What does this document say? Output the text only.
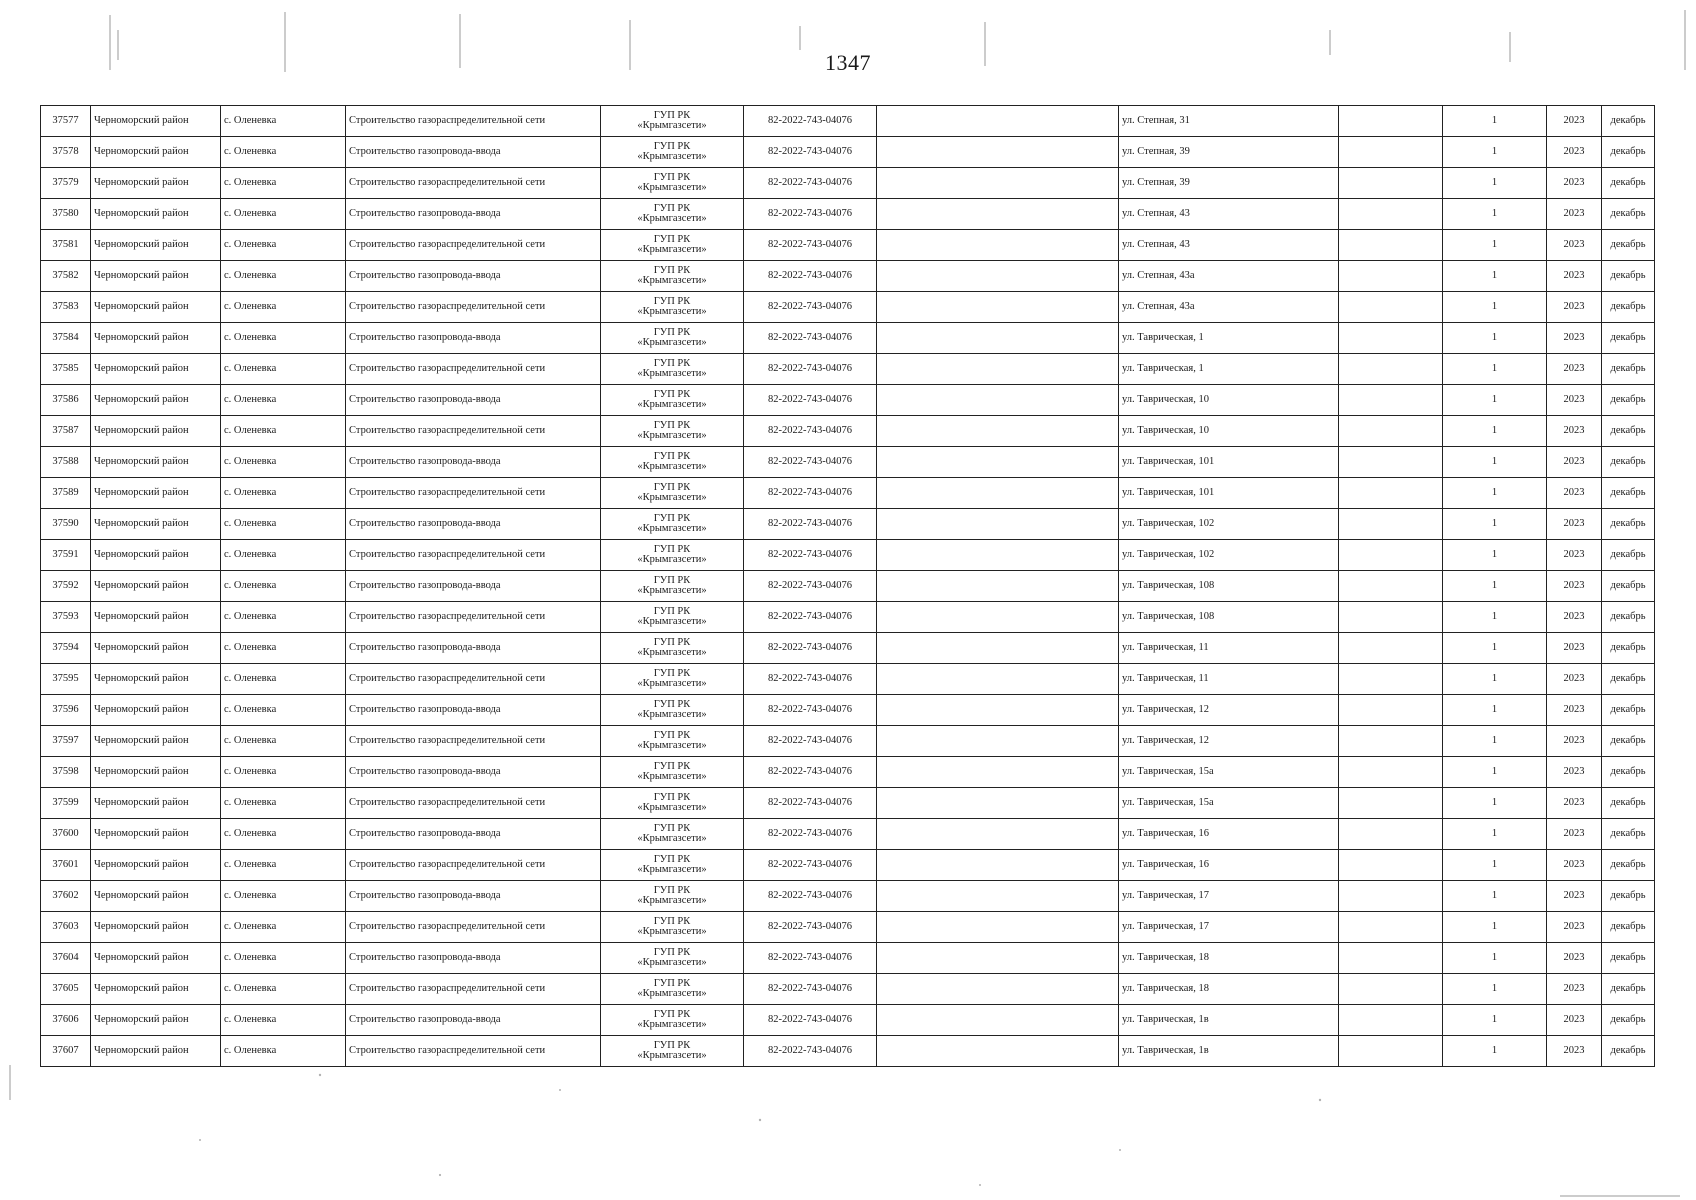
1347
37577	Черноморский район	с. Оленевка	Строительство газораспределительной сети	ГУП РК
«Крымгазсети»	82-2022-743-04076		ул. Степная, 31		1	2023	декабрь
37578	Черноморский район	с. Оленевка	Строительство газопровода-ввода	ГУП РК
«Крымгазсети»	82-2022-743-04076		ул. Степная, 39		1	2023	декабрь
37579	Черноморский район	с. Оленевка	Строительство газораспределительной сети	ГУП РК
«Крымгазсети»	82-2022-743-04076		ул. Степная, 39		1	2023	декабрь
37580	Черноморский район	с. Оленевка	Строительство газопровода-ввода	ГУП РК
«Крымгазсети»	82-2022-743-04076		ул. Степная, 43		1	2023	декабрь
37581	Черноморский район	с. Оленевка	Строительство газораспределительной сети	ГУП РК
«Крымгазсети»	82-2022-743-04076		ул. Степная, 43		1	2023	декабрь
37582	Черноморский район	с. Оленевка	Строительство газопровода-ввода	ГУП РК
«Крымгазсети»	82-2022-743-04076		ул. Степная, 43а		1	2023	декабрь
37583	Черноморский район	с. Оленевка	Строительство газораспределительной сети	ГУП РК
«Крымгазсети»	82-2022-743-04076		ул. Степная, 43а		1	2023	декабрь
37584	Черноморский район	с. Оленевка	Строительство газопровода-ввода	ГУП РК
«Крымгазсети»	82-2022-743-04076		ул. Таврическая, 1		1	2023	декабрь
37585	Черноморский район	с. Оленевка	Строительство газораспределительной сети	ГУП РК
«Крымгазсети»	82-2022-743-04076		ул. Таврическая, 1		1	2023	декабрь
37586	Черноморский район	с. Оленевка	Строительство газопровода-ввода	ГУП РК
«Крымгазсети»	82-2022-743-04076		ул. Таврическая, 10		1	2023	декабрь
37587	Черноморский район	с. Оленевка	Строительство газораспределительной сети	ГУП РК
«Крымгазсети»	82-2022-743-04076		ул. Таврическая, 10		1	2023	декабрь
37588	Черноморский район	с. Оленевка	Строительство газопровода-ввода	ГУП РК
«Крымгазсети»	82-2022-743-04076		ул. Таврическая, 101		1	2023	декабрь
37589	Черноморский район	с. Оленевка	Строительство газораспределительной сети	ГУП РК
«Крымгазсети»	82-2022-743-04076		ул. Таврическая, 101		1	2023	декабрь
37590	Черноморский район	с. Оленевка	Строительство газопровода-ввода	ГУП РК
«Крымгазсети»	82-2022-743-04076		ул. Таврическая, 102		1	2023	декабрь
37591	Черноморский район	с. Оленевка	Строительство газораспределительной сети	ГУП РК
«Крымгазсети»	82-2022-743-04076		ул. Таврическая, 102		1	2023	декабрь
37592	Черноморский район	с. Оленевка	Строительство газопровода-ввода	ГУП РК
«Крымгазсети»	82-2022-743-04076		ул. Таврическая, 108		1	2023	декабрь
37593	Черноморский район	с. Оленевка	Строительство газораспределительной сети	ГУП РК
«Крымгазсети»	82-2022-743-04076		ул. Таврическая, 108		1	2023	декабрь
37594	Черноморский район	с. Оленевка	Строительство газопровода-ввода	ГУП РК
«Крымгазсети»	82-2022-743-04076		ул. Таврическая, 11		1	2023	декабрь
37595	Черноморский район	с. Оленевка	Строительство газораспределительной сети	ГУП РК
«Крымгазсети»	82-2022-743-04076		ул. Таврическая, 11		1	2023	декабрь
37596	Черноморский район	с. Оленевка	Строительство газопровода-ввода	ГУП РК
«Крымгазсети»	82-2022-743-04076		ул. Таврическая, 12		1	2023	декабрь
37597	Черноморский район	с. Оленевка	Строительство газораспределительной сети	ГУП РК
«Крымгазсети»	82-2022-743-04076		ул. Таврическая, 12		1	2023	декабрь
37598	Черноморский район	с. Оленевка	Строительство газопровода-ввода	ГУП РК
«Крымгазсети»	82-2022-743-04076		ул. Таврическая, 15а		1	2023	декабрь
37599	Черноморский район	с. Оленевка	Строительство газораспределительной сети	ГУП РК
«Крымгазсети»	82-2022-743-04076		ул. Таврическая, 15а		1	2023	декабрь
37600	Черноморский район	с. Оленевка	Строительство газопровода-ввода	ГУП РК
«Крымгазсети»	82-2022-743-04076		ул. Таврическая, 16		1	2023	декабрь
37601	Черноморский район	с. Оленевка	Строительство газораспределительной сети	ГУП РК
«Крымгазсети»	82-2022-743-04076		ул. Таврическая, 16		1	2023	декабрь
37602	Черноморский район	с. Оленевка	Строительство газопровода-ввода	ГУП РК
«Крымгазсети»	82-2022-743-04076		ул. Таврическая, 17		1	2023	декабрь
37603	Черноморский район	с. Оленевка	Строительство газораспределительной сети	ГУП РК
«Крымгазсети»	82-2022-743-04076		ул. Таврическая, 17		1	2023	декабрь
37604	Черноморский район	с. Оленевка	Строительство газопровода-ввода	ГУП РК
«Крымгазсети»	82-2022-743-04076		ул. Таврическая, 18		1	2023	декабрь
37605	Черноморский район	с. Оленевка	Строительство газораспределительной сети	ГУП РК
«Крымгазсети»	82-2022-743-04076		ул. Таврическая, 18		1	2023	декабрь
37606	Черноморский район	с. Оленевка	Строительство газопровода-ввода	ГУП РК
«Крымгазсети»	82-2022-743-04076		ул. Таврическая, 1в		1	2023	декабрь
37607	Черноморский район	с. Оленевка	Строительство газораспределительной сети	ГУП РК
«Крымгазсети»	82-2022-743-04076		ул. Таврическая, 1в		1	2023	декабрь
